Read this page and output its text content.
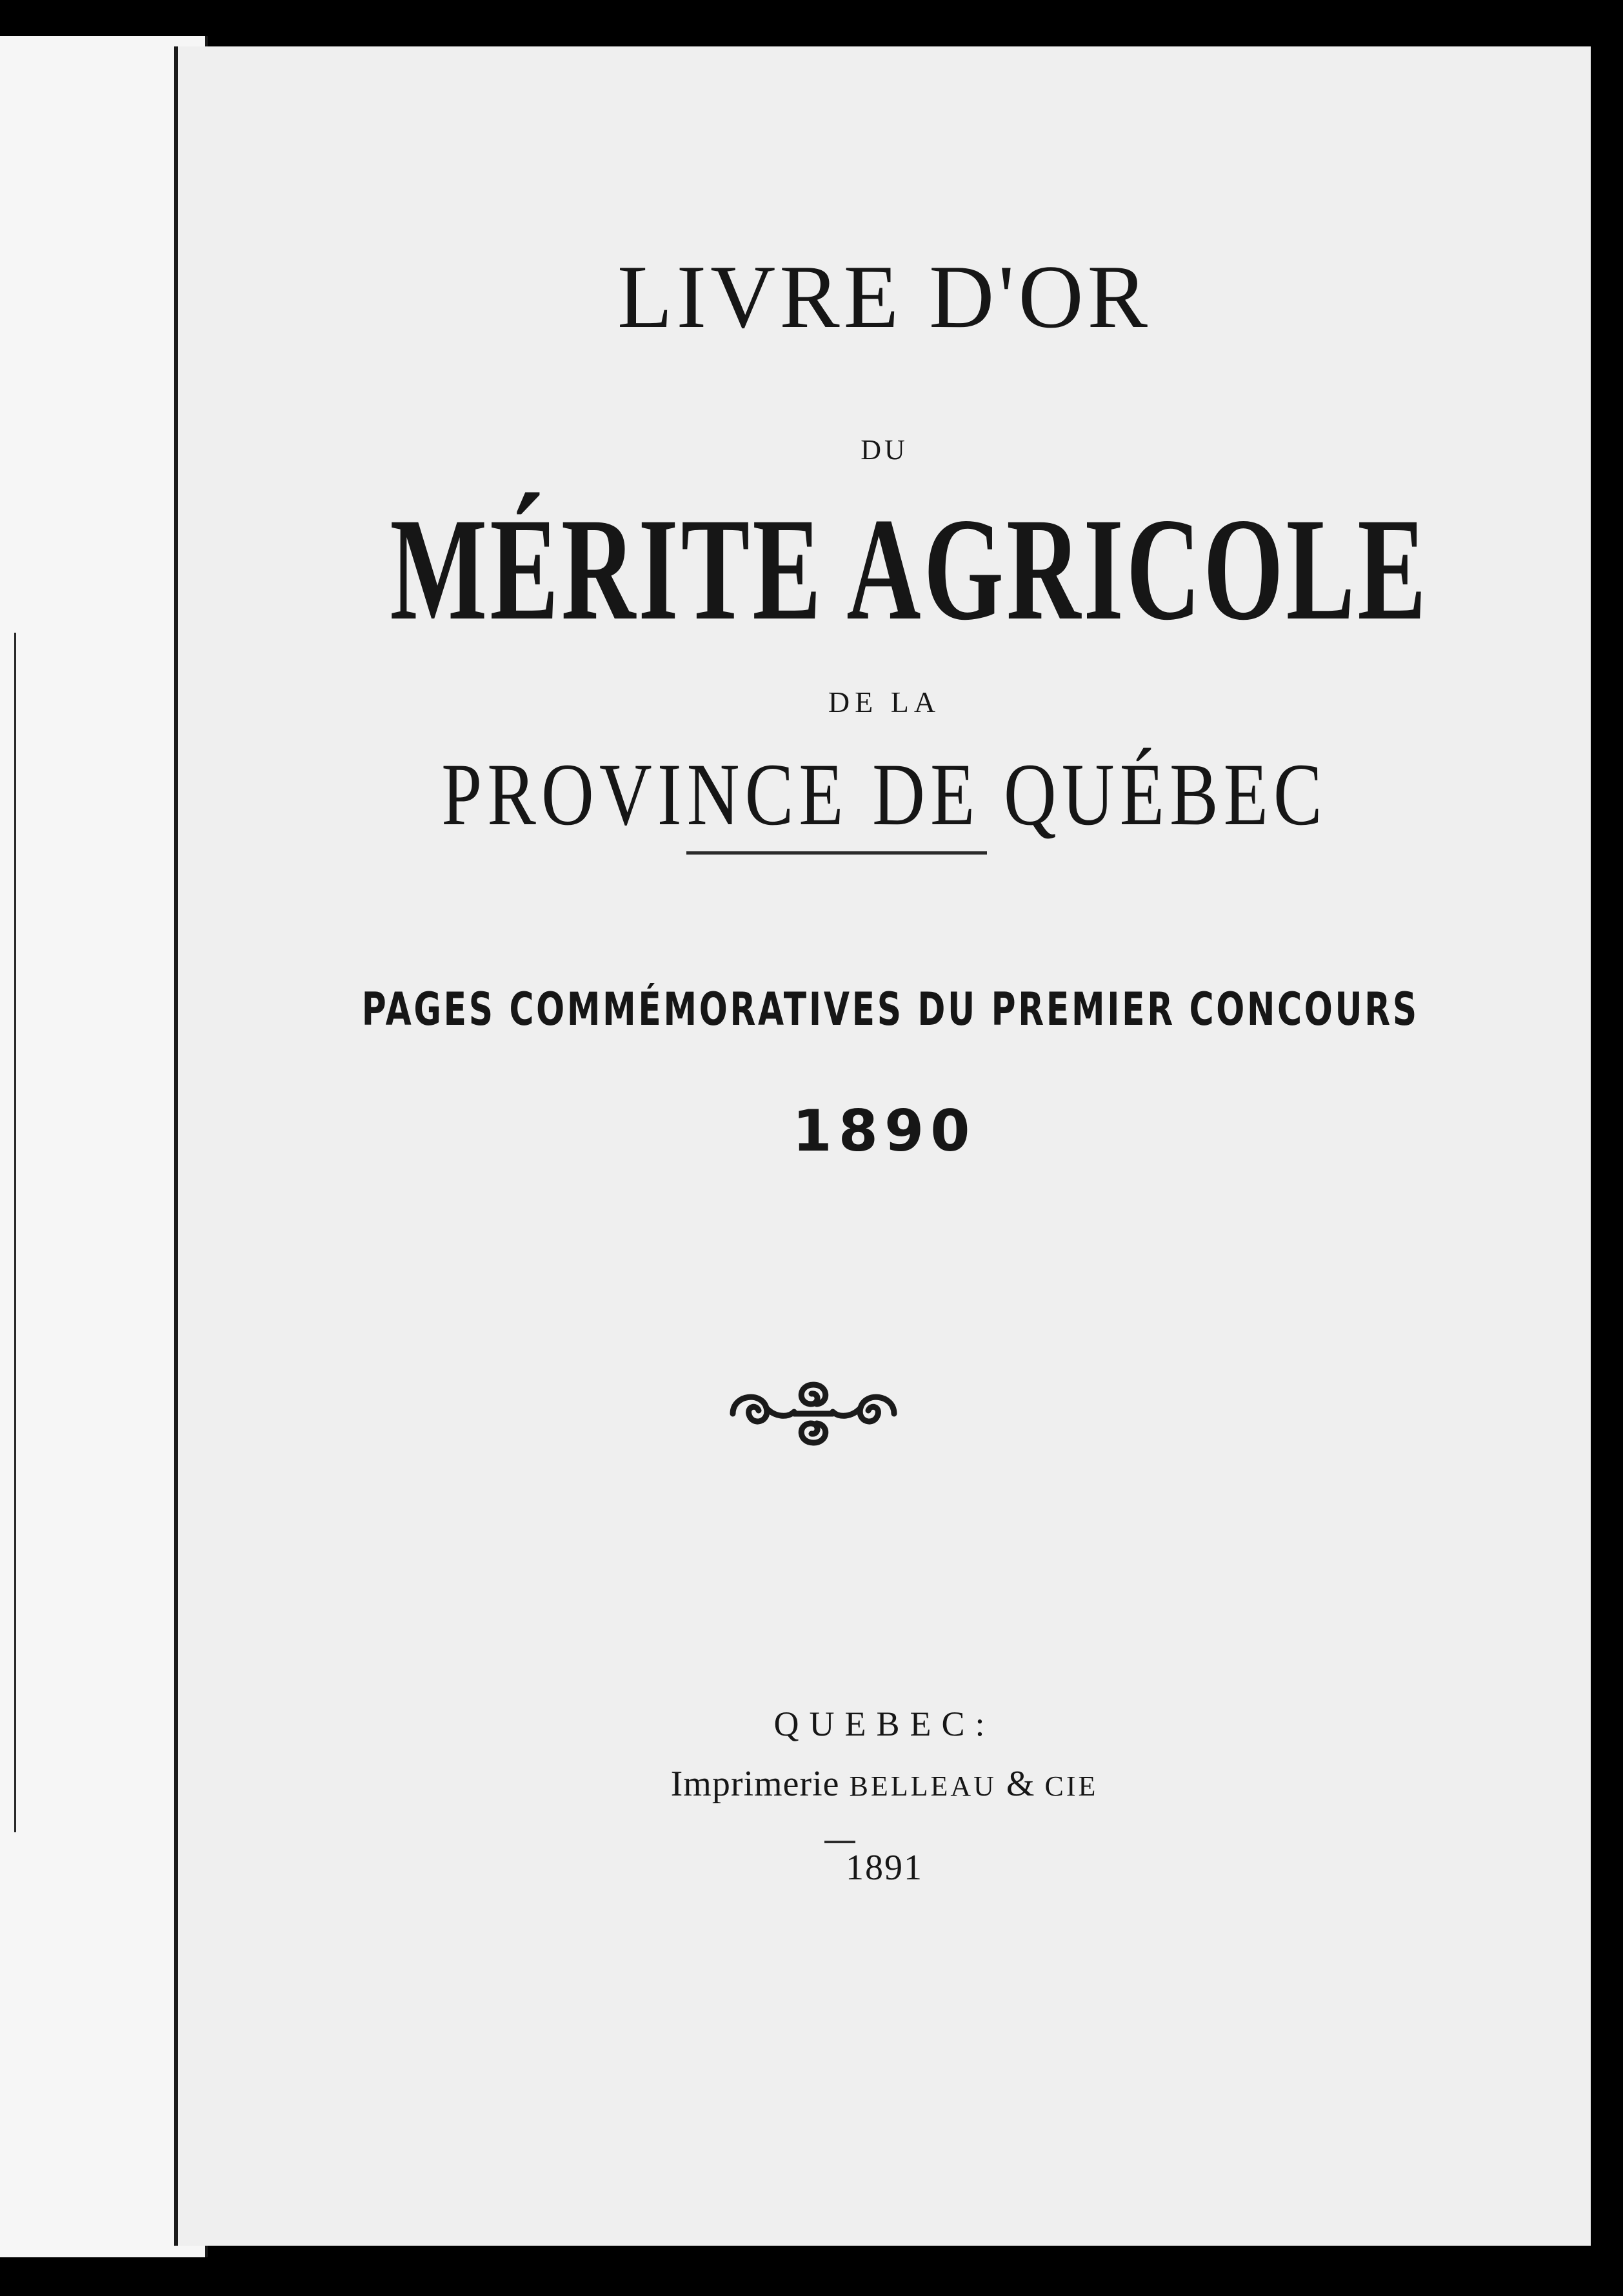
LIVRE D'OR
DU
MÉRITE AGRICOLE
DE LA
PROVINCE DE QUÉBEC
PAGES COMMÉMORATIVES DU PREMIER CONCOURS
1890
QUEBEC:
Imprimerie BELLEAU & CIE
1891
